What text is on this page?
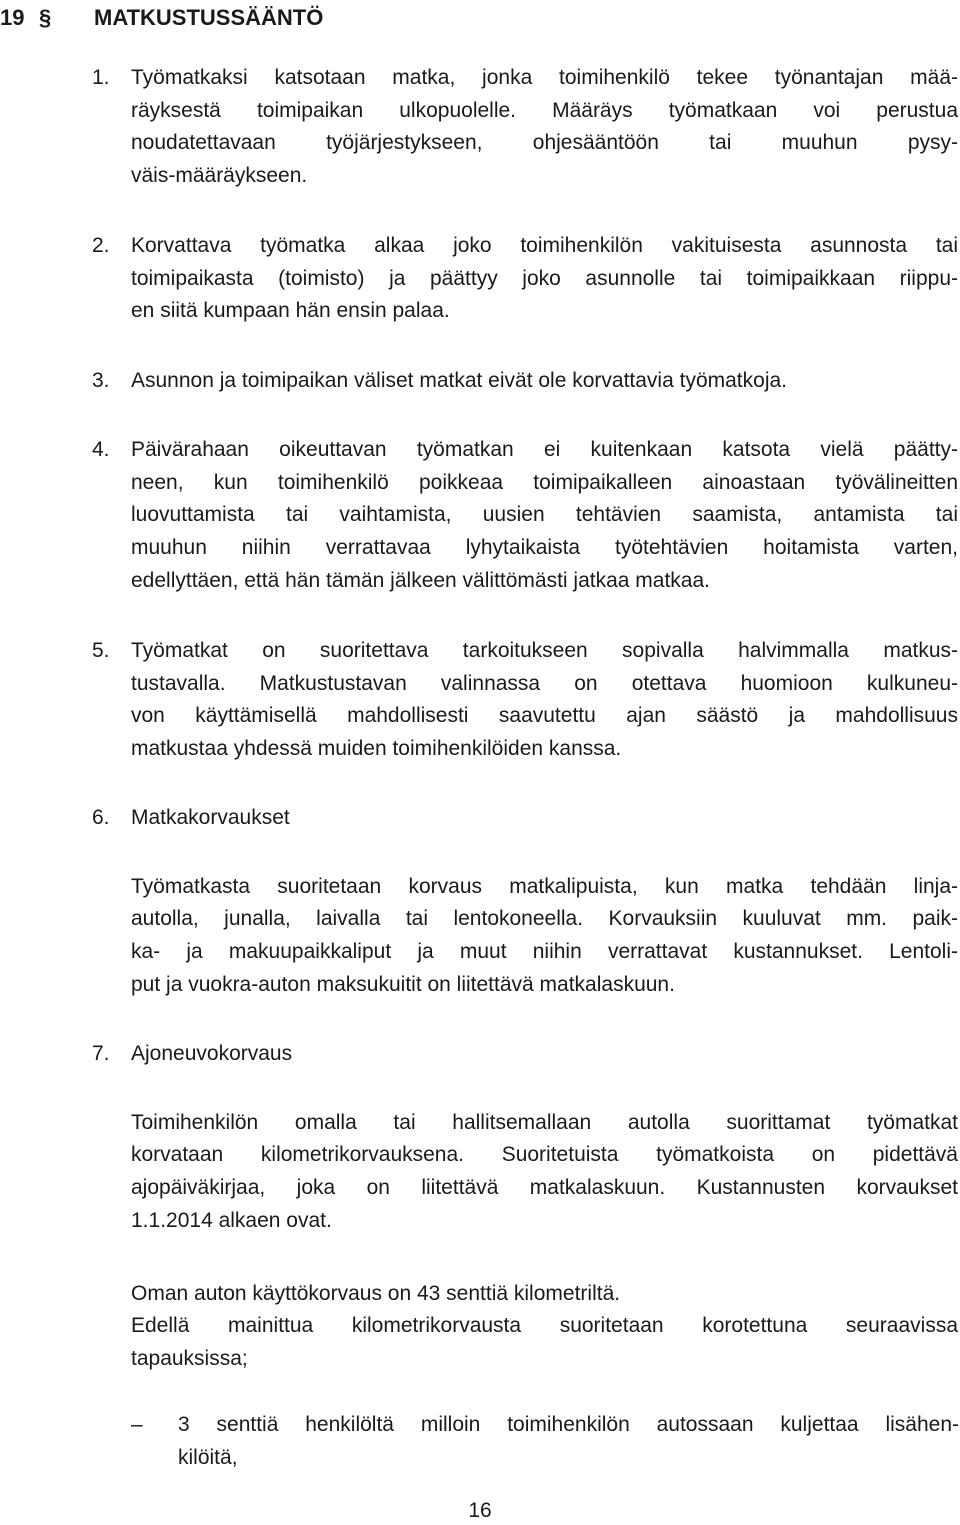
19 § MATKUSTUSSÄÄNTÖ
1. Työmatkaksi katsotaan matka, jonka toimihenkilö tekee työnantajan mää-
räyksestä toimipaikan ulkopuolelle. Määräys työmatkaan voi perustua
noudatettavaan työjärjestykseen, ohjesääntöön tai muuhun pysy-
väis-määräykseen.

2. Korvattava työmatka alkaa joko toimihenkilön vakituisesta asunnosta tai
toimipaikasta (toimisto) ja päättyy joko asunnolle tai toimipaikkaan riippu-
en siitä kumpaan hän ensin palaa.

3. Asunnon ja toimipaikan väliset matkat eivät ole korvattavia työmatkoja.

4. Päivärahaan oikeuttavan työmatkan ei kuitenkaan katsota vielä päätty-
neen, kun toimihenkilö poikkeaa toimipaikalleen ainoastaan työvälineitten
luovuttamista tai vaihtamista, uusien tehtävien saamista, antamista tai
muuhun niihin verrattavaa lyhytaikaista työtehtävien hoitamista varten,
edellyttäen, että hän tämän jälkeen välittömästi jatkaa matkaa.

5. Työmatkat on suoritettava tarkoitukseen sopivalla halvimmalla matkus-
tustavalla. Matkustustavan valinnassa on otettava huomioon kulkuneu-
von käyttämisellä mahdollisesti saavutettu ajan säästö ja mahdollisuus
matkustaa yhdessä muiden toimihenkilöiden kanssa.

6. Matkakorvaukset

Työmatkasta suoritetaan korvaus matkalipuista, kun matka tehdään linja-
autolla, junalla, laivalla tai lentokoneella. Korvauksiin kuuluvat mm. paik-
ka- ja makuupaikkaliput ja muut niihin verrattavat kustannukset. Lentoli-
put ja vuokra-auton maksukuitit on liitettävä matkalaskuun.

7. Ajoneuvokorvaus

Toimihenkilön omalla tai hallitsemallaan autolla suorittamat työmatkat
korvataan kilometrikorvauksena. Suoritetuista työmatkoista on pidettävä
ajopäiväkirjaa, joka on liitettävä matkalaskuun. Kustannusten korvaukset
1.1.2014 alkaen ovat.

Oman auton käyttökorvaus on 43 senttiä kilometriltä.
Edellä mainittua kilometrikorvausta suoritetaan korotettuna seuraavissa
tapauksissa;

– 3 senttiä henkilöltä milloin toimihenkilön autossaan kuljettaa lisähen-
kilöitä,

16
